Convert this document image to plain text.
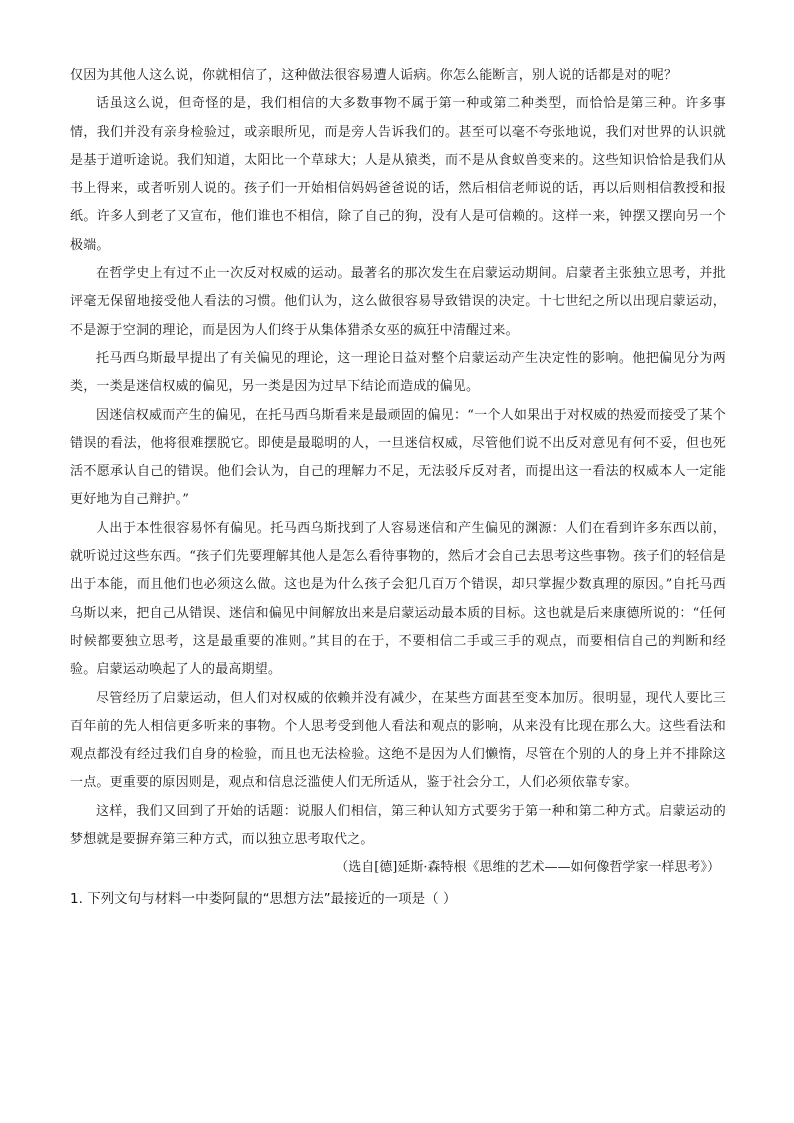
仅因为其他人这么说，你就相信了，这种做法很容易遭人诟病。你怎么能断言，别人说的话都是对的呢？

话虽这么说，但奇怪的是，我们相信的大多数事物不属于第一种或第二种类型，而恰恰是第三种。许多事情，我们并没有亲身检验过，或亲眼所见，而是旁人告诉我们的。甚至可以毫不夸张地说，我们对世界的认识就是基于道听途说。我们知道，太阳比一个草球大；人是从猿类，而不是从食蚁兽变来的。这些知识恰恰是我们从书上得来，或者听别人说的。孩子们一开始相信妈妈爸爸说的话，然后相信老师说的话，再以后则相信教授和报纸。许多人到老了又宣布，他们谁也不相信，除了自己的狗，没有人是可信赖的。这样一来，钟摆又摆向另一个极端。

在哲学史上有过不止一次反对权威的运动。最著名的那次发生在启蒙运动期间。启蒙者主张独立思考，并批评毫无保留地接受他人看法的习惯。他们认为，这么做很容易导致错误的决定。十七世纪之所以出现启蒙运动，不是源于空洞的理论，而是因为人们终于从集体猎杀女巫的疯狂中清醒过来。

托马西乌斯最早提出了有关偏见的理论，这一理论日益对整个启蒙运动产生决定性的影响。他把偏见分为两类，一类是迷信权威的偏见，另一类是因为过早下结论而造成的偏见。

因迷信权威而产生的偏见，在托马西乌斯看来是最顽固的偏见：“一个人如果出于对权威的热爱而接受了某个错误的看法，他将很难摆脱它。即使是最聪明的人，一旦迷信权威，尽管他们说不出反对意见有何不妥，但也死活不愿承认自己的错误。他们会认为，自己的理解力不足，无法驳斥反对者，而提出这一看法的权威本人一定能更好地为自己辩护。”

人出于本性很容易怀有偏见。托马西乌斯找到了人容易迷信和产生偏见的渊源：人们在看到许多东西以前，就听说过这些东西。“孩子们先要理解其他人是怎么看待事物的，然后才会自己去思考这些事物。孩子们的轻信是出于本能，而且他们也必须这么做。这也是为什么孩子会犯几百万个错误，却只掌握少数真理的原因。”自托马西乌斯以来，把自己从错误、迷信和偏见中间解放出来是启蒙运动最本质的目标。这也就是后来康德所说的：“任何时候都要独立思考，这是最重要的准则。”其目的在于，不要相信二手或三手的观点，而要相信自己的判断和经验。启蒙运动唤起了人的最高期望。

尽管经历了启蒙运动，但人们对权威的依赖并没有减少，在某些方面甚至变本加厉。很明显，现代人要比三百年前的先人相信更多听来的事物。个人思考受到他人看法和观点的影响，从来没有比现在那么大。这些看法和观点都没有经过我们自身的检验，而且也无法检验。这绝不是因为人们懒惰，尽管在个别的人的身上并不排除这一点。更重要的原因则是，观点和信息泛滥使人们无所适从，鉴于社会分工，人们必须依靠专家。

这样，我们又回到了开始的话题：说服人们相信，第三种认知方式要劣于第一种和第二种方式。启蒙运动的梦想就是要摒弃第三种方式，而以独立思考取代之。

（选自[德]延斯·森特根《思维的艺术——如何像哲学家一样思考》）

1. 下列文句与材料一中娄阿鼠的“思想方法”最接近的一项是（ ）
